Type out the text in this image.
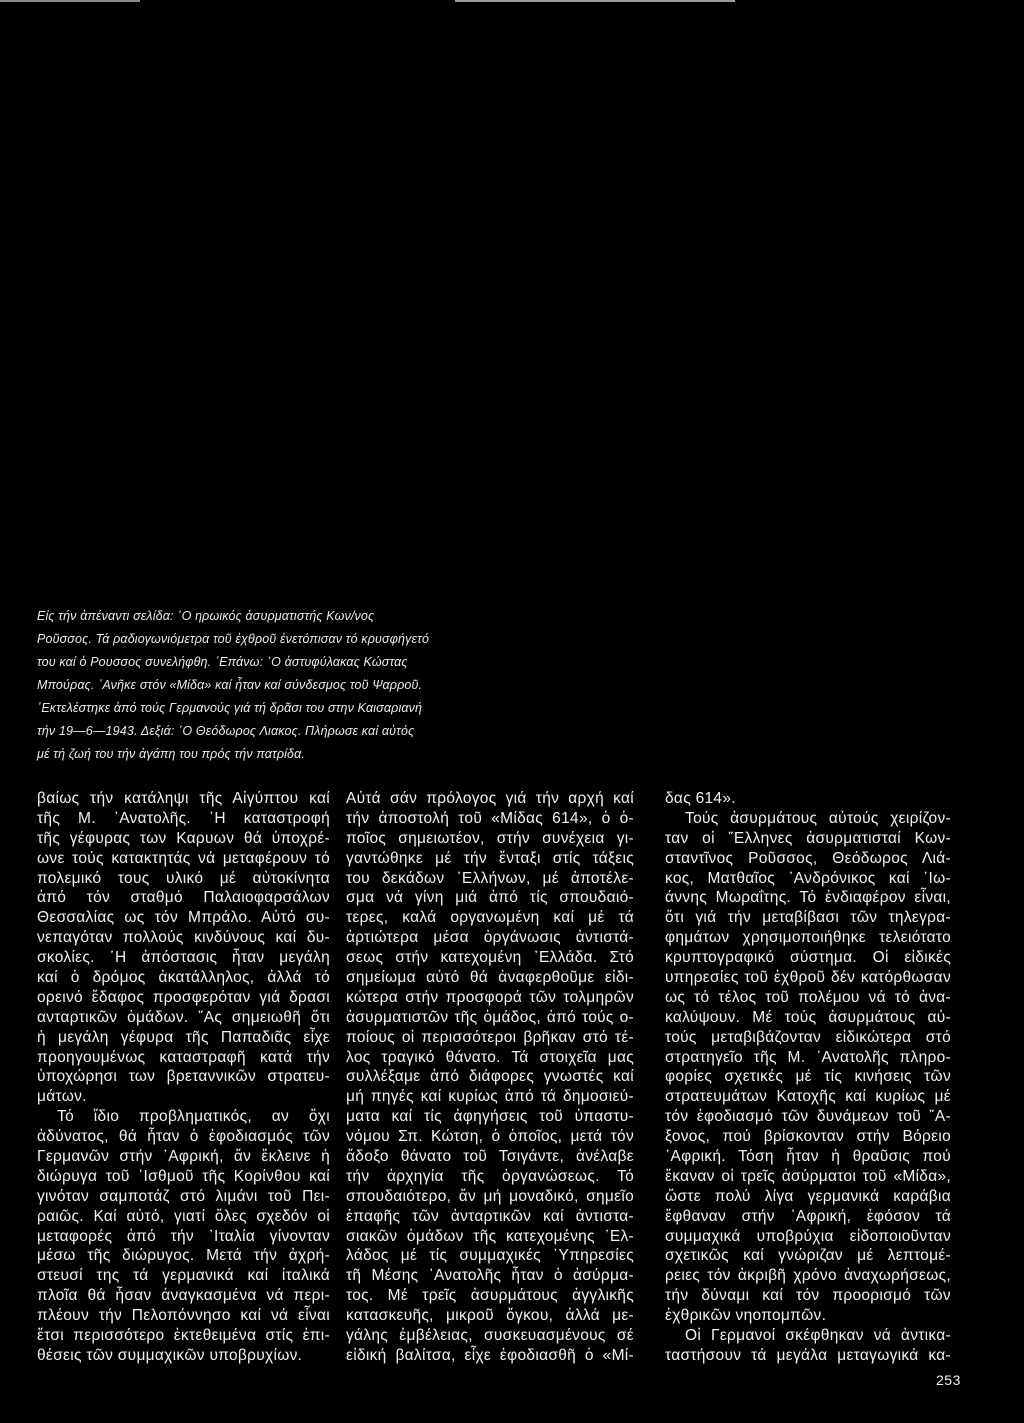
Εἰς τήν ἀπέναντι σελίδα: ῾Ο ηρωικός ἀσυρματιστής Κων/νος
Ροῦσσος. Τά ραδιογωνιόμετρα τοῦ ἐχθροῦ ἐνετόπισαν τό κρυσφήγετό
του καί ὁ Ρουσσος συνελήφθη. ᾿Επάνω: ῾Ο ἀστυφύλακας Κώστας
Μπούρας. ᾿Ανῆκε στόν «Μίδα» καί ἦταν καί σύνδεσμος τοῦ Ψαρροῦ.
᾿Εκτελέστηκε ἀπό τούς Γερμανούς γιά τή δρᾶσι του στην Καισαριανή
τήν 19—6—1943. Δεξιά: ῾Ο Θεόδωρος Λιακος. Πλήρωσε καί αὐτός
μέ τή ζωή του τήν ἀγάπη του πρός τήν πατρίδα.
βαίως τήν κατάληψι τῆς Αἰγύπτου καί
τῆς Μ. ᾿Ανατολῆς. ῾Η καταστροφή
τῆς γέφυρας των Καρυων θά ὑποχρέ-
ωνε τούς κατακτητάς νά μεταφέρουν τό
πολεμικό τους υλικό μέ αὐτοκίνητα
ἀπό τόν σταθμό Παλαιοφαρσάλων
Θεσσαλίας ως τόν Μπράλο. Αὐτό συ-
νεπαγόταν πολλούς κινδύνους καί δυ-
σκολίες. ῾Η ἀπόστασις ἦταν μεγάλη
καί ὁ δρόμος ἀκατάλληλος, ἀλλά τό
ορεινό ἔδαφος προσφερόταν γιά δρασι
ανταρτικῶν ὁμάδων. ῎Ας σημειωθῆ ὅτι
ἡ μεγάλη γέφυρα τῆς Παπαδιᾶς εἶχε
προηγουμένως καταστραφῆ κατά τήν
ὑποχώρησι των βρεταννικῶν στρατευ-
μάτων.
Τό ἴδιο προβληματικός, αν ὄχι
ἀδύνατος, θά ἦταν ὁ ἐφοδιασμός τῶν
Γερμανῶν στήν ᾿Αφρική, ἄν ἔκλεινε ἡ
διώρυγα τοῦ ᾿Ισθμοῦ τῆς Κορίνθου καί
γινόταν σαμποτάζ στό λιμάνι τοῦ Πει-
ραιῶς. Καί αὐτό, γιατί ὅλες σχεδόν οἱ
μεταφορές ἀπό τήν ᾿Ιταλία γίνονταν
μέσω τῆς διώρυγος. Μετά τήν ἀχρή-
στευσί της τά γερμανικά καί ἰταλικά
πλοῖα θά ἦσαν ἀναγκασμένα νά περι-
πλέουν τήν Πελοπόννησο καί νά εἶναι
ἔτσι περισσότερο ἐκτεθειμένα στίς ἐπι-
θέσεις τῶν συμμαχικῶν υποβρυχίων.
Αὐτά σάν πρόλογος γιά τήν αρχή καί
τήν ἀποστολή τοῦ «Μίδας 614», ὁ ὁ-
ποῖος σημειωτέον, στήν συνέχεια γι-
γαντώθηκε μέ τήν ἔνταξι στίς τάξεις
του δεκάδων ᾿Ελλήνων, μέ ἀποτέλε-
σμα νά γίνη μιά ἀπό τίς σπουδαιό-
τερες, καλά οργανωμένη καί μέ τά
ἀρτιώτερα μέσα ὀργάνωσις ἀντιστά-
σεως στήν κατεχομένη ᾿Ελλάδα. Στό
σημείωμα αὐτό θά ἀναφερθοῦμε εἰδι-
κώτερα στήν προσφορά τῶν τολμηρῶν
ἀσυρματιστῶν τῆς ὁμάδος, ἀπό τούς ο-
ποίους οἱ περισσότεροι βρῆκαν στό τέ-
λος τραγικό θάνατο. Τά στοιχεῖα μας
συλλέξαμε ἀπό διάφορες γνωστές καί
μή πηγές καί κυρίως ἀπό τά δημοσιεύ-
ματα καί τίς ἀφηγήσεις τοῦ ὑπαστυ-
νόμου Σπ. Κώτση, ὁ ὁποῖος, μετά τόν
ἄδοξο θάνατο τοῦ Τσιγάντε, ἀνέλαβε
τήν ἀρχηγία τῆς ὀργανώσεως. Τό
σπουδαιότερο, ἄν μή μοναδικό, σημεῖο
ἐπαφῆς τῶν ἀνταρτικῶν καί ἀντιστα-
σιακῶν ὁμάδων τῆς κατεχομένης ᾿Ελ-
λάδος μέ τίς συμμαχικές ῾Υπηρεσίες
τῆ Μέσης ᾿Ανατολῆς ἦταν ὁ ἀσύρμα-
τος. Μέ τρεῖς ἀσυρμάτους ἀγγλικῆς
κατασκευῆς, μικροῦ ὄγκου, ἀλλά με-
γάλης ἐμβέλειας, συσκευασμένους σέ
εἰδική βαλίτσα, εἶχε ἐφοδιασθῆ ὁ «Μί-
δας 614».
Τούς ἀσυρμάτους αὐτούς χειρίζον-
ταν οἱ ῞Ελληνες ἀσυρματισταί Κων-
σταντῖνος Ροῦσσος, Θεόδωρος Λιά-
κος, Ματθαῖος ᾿Ανδρόνικος καί ᾿Ιω-
άννης Μωραΐτης. Τό ἐνδιαφέρον εἶναι,
ὅτι γιά τήν μεταβίβασι τῶν τηλεγρα-
φημάτων χρησιμοποιήθηκε τελειότατο
κρυπτογραφικό σύστημα. Οἱ εἰδικές
υπηρεσίες τοῦ ἐχθροῦ δέν κατόρθωσαν
ως τό τέλος τοῦ πολέμου νά τό ἀνα-
καλύψουν. Μέ τούς ἀσυρμάτους αὐ-
τούς μεταβιβάζονταν εἰδικώτερα στό
στρατηγεῖο τῆς Μ. ᾿Ανατολῆς πληρο-
φορίες σχετικές μέ τίς κινήσεις τῶν
στρατευμάτων Κατοχῆς καί κυρίως μέ
τόν ἐφοδιασμό τῶν δυνάμεων τοῦ ῎Α-
ξονος, πού βρίσκονταν στήν Βόρειο
᾿Αφρική. Τόση ἦταν ἡ θραῦσις πού
ἔκαναν οἱ τρεῖς ἀσύρματοι τοῦ «Μίδα»,
ὥστε πολύ λίγα γερμανικά καράβια
ἔφθαναν στήν ᾿Αφρική, ἐφόσον τά
συμμαχικά υποβρύχια εἰδοποιοῦνταν
σχετικῶς καί γνώριζαν μέ λεπτομέ-
ρειες τόν ἀκριβῆ χρόνο ἀναχωρήσεως,
τήν δύναμι καί τόν προορισμό τῶν
ἐχθρικῶν νηοπομπῶν.
Οἱ Γερμανοί σκέφθηκαν νά ἀντικα-
ταστήσουν τά μεγάλα μεταγωγικά κα-
253
